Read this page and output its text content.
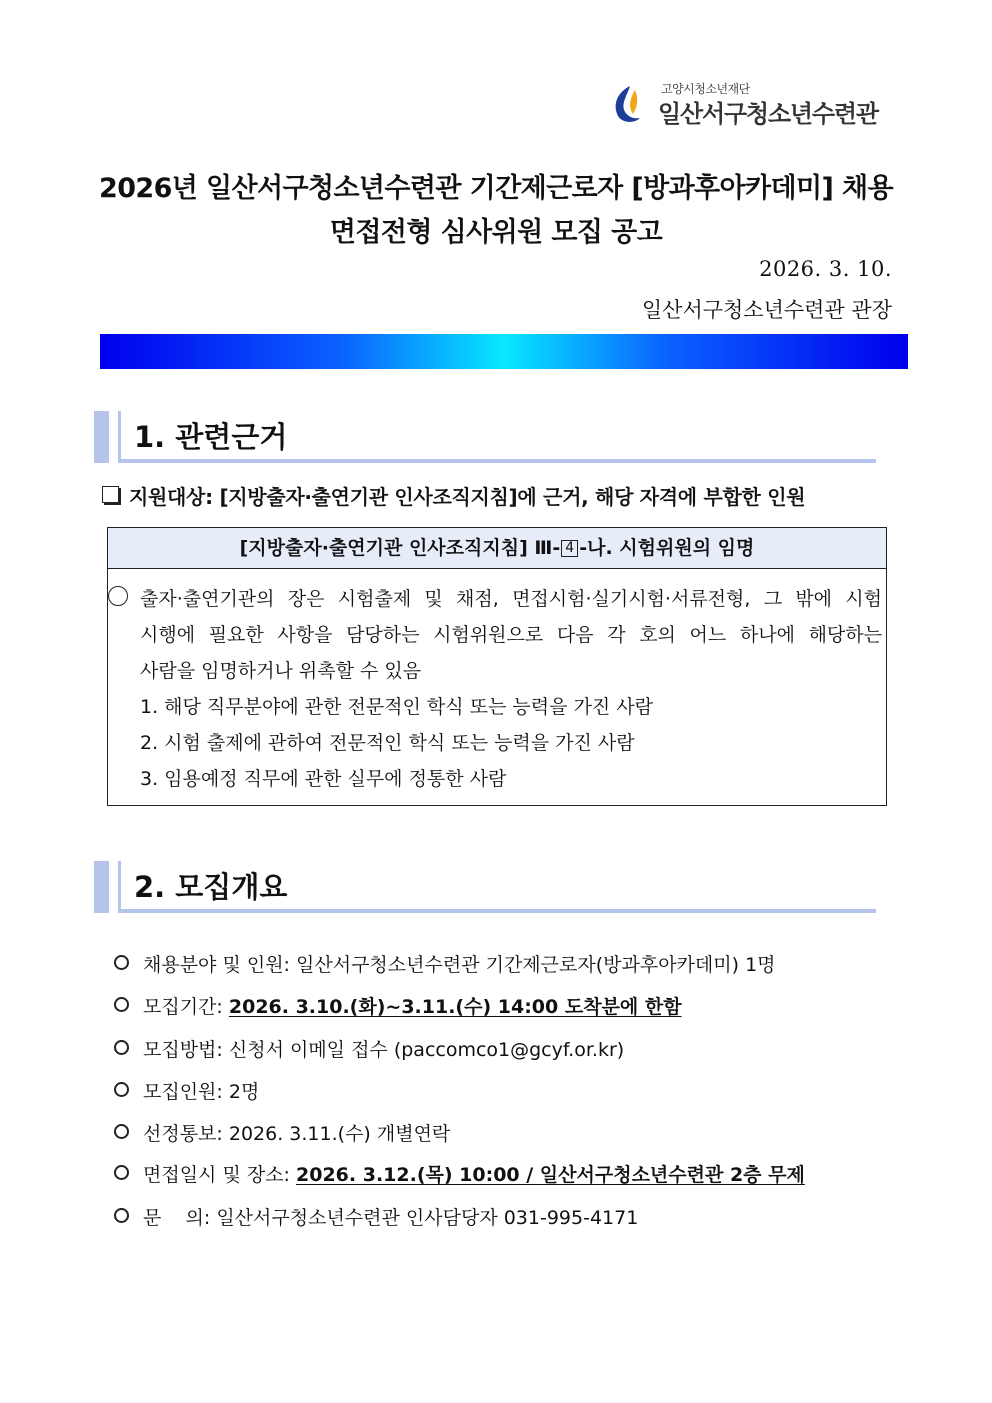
고양시청소년재단
일산서구청소년수련관
2026년 일산서구청소년수련관 기간제근로자 [방과후아카데미] 채용
면접전형 심사위원 모집 공고
2026. 3. 10.
일산서구청소년수련관 관장
1. 관련근거
지원대상: [지방출자·출연기관 인사조직지침]에 근거, 해당 자격에 부합한 인원
[지방출자·출연기관 인사조직지침] Ⅲ- 4 -나. 시험위원의 임명
출자·출연기관의 장은 시험출제 및 채점, 면접시험·실기시험·서류전형, 그 밖에 시험
시행에 필요한 사항을 담당하는 시험위원으로 다음 각 호의 어느 하나에 해당하는
사람을 임명하거나 위촉할 수 있음
1. 해당 직무분야에 관한 전문적인 학식 또는 능력을 가진 사람
2. 시험 출제에 관하여 전문적인 학식 또는 능력을 가진 사람
3. 임용예정 직무에 관한 실무에 정통한 사람
2. 모집개요
채용분야 및 인원: 일산서구청소년수련관 기간제근로자(방과후아카데미) 1명
모집기간: 2026. 3.10.(화)~3.11.(수) 14:00 도착분에 한함
모집방법: 신청서 이메일 접수 (paccomco1@gcyf.or.kr)
모집인원: 2명
선정통보: 2026. 3.11.(수) 개별연락
면접일시 및 장소: 2026. 3.12.(목) 10:00 / 일산서구청소년수련관 2층 무제
문    의: 일산서구청소년수련관 인사담당자 031-995-4171
